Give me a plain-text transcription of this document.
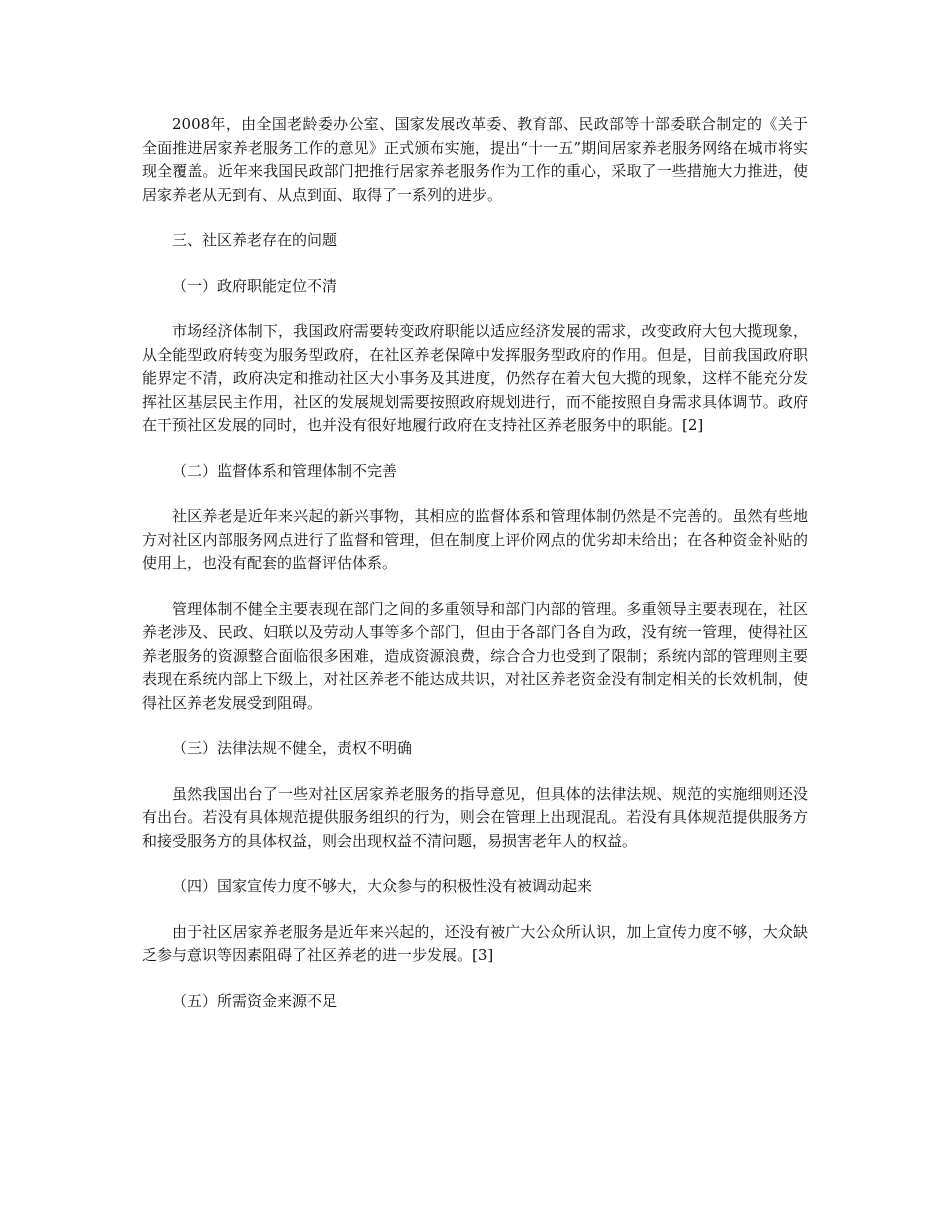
2008年，由全国老龄委办公室、国家发展改革委、教育部、民政部等十部委联合制定的《关于全面推进居家养老服务工作的意见》正式颁布实施，提出“十一五”期间居家养老服务网络在城市将实现全覆盖。近年来我国民政部门把推行居家养老服务作为工作的重心，采取了一些措施大力推进，使居家养老从无到有、从点到面、取得了一系列的进步。

三、社区养老存在的问题

（一）政府职能定位不清

市场经济体制下，我国政府需要转变政府职能以适应经济发展的需求，改变政府大包大揽现象，从全能型政府转变为服务型政府，在社区养老保障中发挥服务型政府的作用。但是，目前我国政府职能界定不清，政府决定和推动社区大小事务及其进度，仍然存在着大包大揽的现象，这样不能充分发挥社区基层民主作用，社区的发展规划需要按照政府规划进行，而不能按照自身需求具体调节。政府在干预社区发展的同时，也并没有很好地履行政府在支持社区养老服务中的职能。[2]

（二）监督体系和管理体制不完善

社区养老是近年来兴起的新兴事物，其相应的监督体系和管理体制仍然是不完善的。虽然有些地方对社区内部服务网点进行了监督和管理，但在制度上评价网点的优劣却未给出；在各种资金补贴的使用上，也没有配套的监督评估体系。

管理体制不健全主要表现在部门之间的多重领导和部门内部的管理。多重领导主要表现在，社区养老涉及、民政、妇联以及劳动人事等多个部门，但由于各部门各自为政，没有统一管理，使得社区养老服务的资源整合面临很多困难，造成资源浪费，综合合力也受到了限制；系统内部的管理则主要表现在系统内部上下级上，对社区养老不能达成共识，对社区养老资金没有制定相关的长效机制，使得社区养老发展受到阻碍。

（三）法律法规不健全，责权不明确

虽然我国出台了一些对社区居家养老服务的指导意见，但具体的法律法规、规范的实施细则还没有出台。若没有具体规范提供服务组织的行为，则会在管理上出现混乱。若没有具体规范提供服务方和接受服务方的具体权益，则会出现权益不清问题，易损害老年人的权益。

（四）国家宣传力度不够大，大众参与的积极性没有被调动起来

由于社区居家养老服务是近年来兴起的，还没有被广大公众所认识，加上宣传力度不够，大众缺乏参与意识等因素阻碍了社区养老的进一步发展。[3]

（五）所需资金来源不足
